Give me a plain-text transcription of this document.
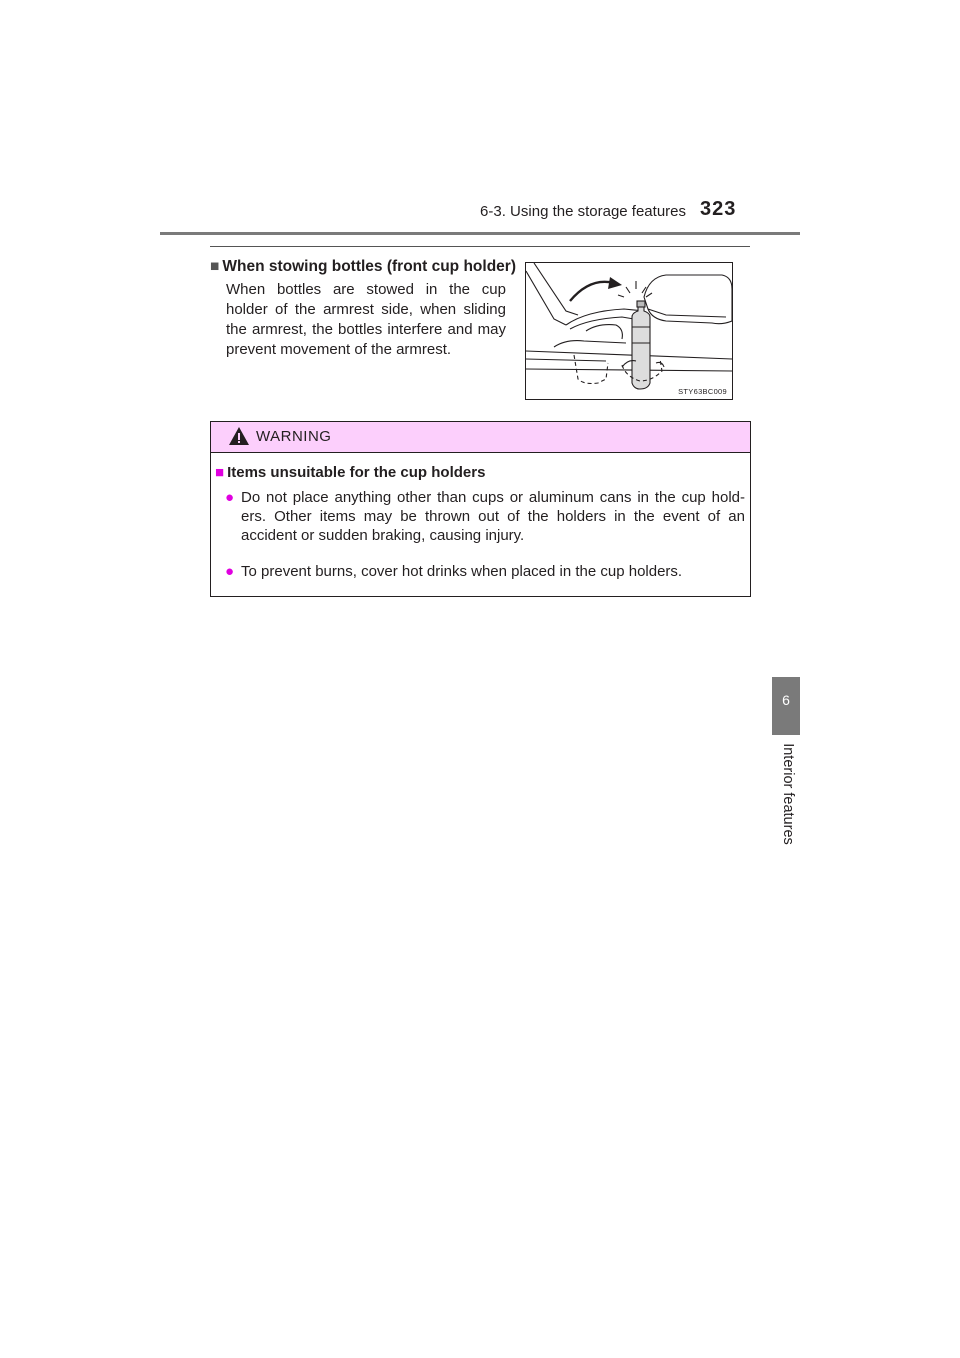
6-3. Using the storage features 323
6
Interior features
■ When stowing bottles (front cup holder)
When bottles are stowed in the cup holder of the armrest side, when sliding the armrest, the bottles interfere and may prevent movement of the armrest.
STY63BC009
WARNING
■ Items unsuitable for the cup holders
● Do not place anything other than cups or aluminum cans in the cup hold- ers. Other items may be thrown out of the holders in the event of an accident or sudden braking, causing injury.
● To prevent burns, cover hot drinks when placed in the cup holders.
